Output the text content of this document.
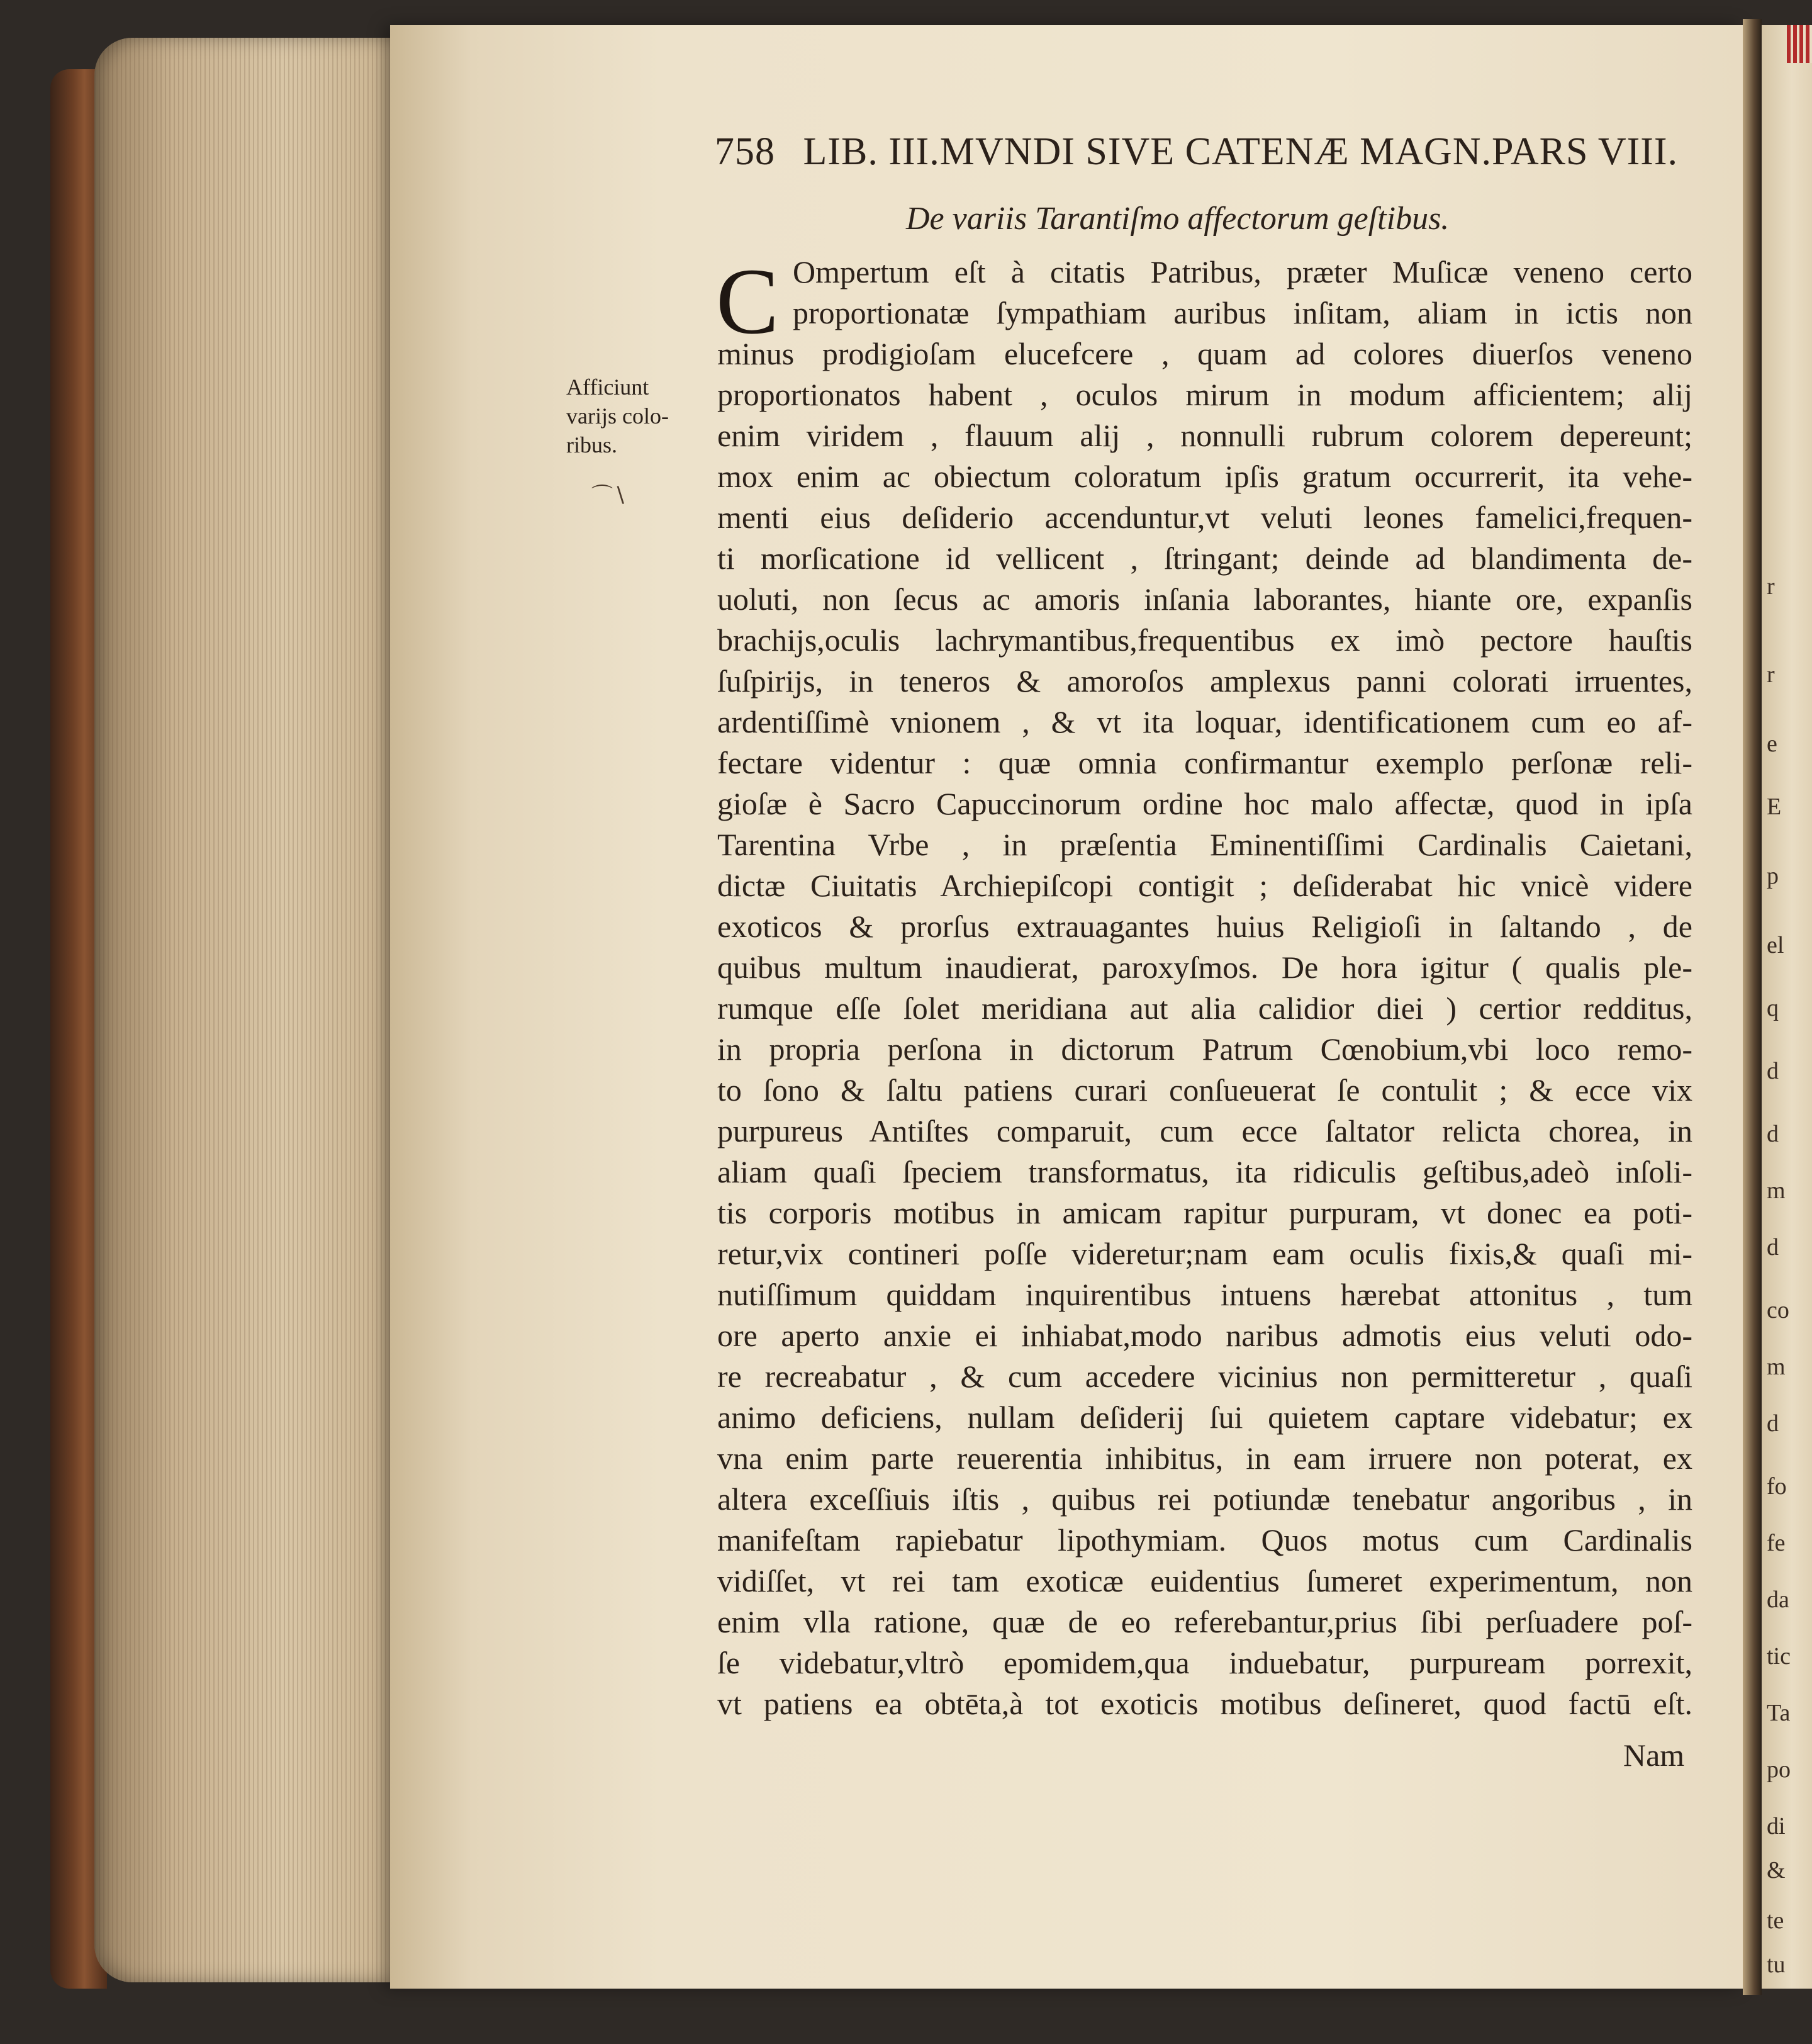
r
r
e
E
p
el
q
d
d
m
d
co
m
d
fo
fe
da
tic
Ta
po
di
&
te
tu
758 LIB. III.MVNDI SIVE CATENÆ MAGN.PARS VIII.
De variis Tarantiſmo affectorum geſtibus.
Afficiunt
varijs colo-
ribus.
C Ompertum eſt à citatis Patribus, præter Muſicæ veneno certo
proportionatæ ſympathiam auribus inſitam, aliam in ictis non
minus prodigioſam elucefcere , quam ad colores diuerſos veneno
proportionatos habent , oculos mirum in modum afficientem; alij
enim viridem , flauum alij , nonnulli rubrum colorem depereunt;
mox enim ac obiectum coloratum ipſis gratum occurrerit, ita vehe-
menti eius deſiderio accenduntur,vt veluti leones famelici,frequen-
ti morſicatione id vellicent , ſtringant; deinde ad blandimenta de-
uoluti, non ſecus ac amoris inſania laborantes, hiante ore, expanſis
brachijs,oculis lachrymantibus,frequentibus ex imò pectore hauſtis
ſuſpirijs, in teneros & amoroſos amplexus panni colorati irruentes,
ardentiſſimè vnionem , & vt ita loquar, identificationem cum eo af-
fectare videntur : quæ omnia confirmantur exemplo perſonæ reli-
gioſæ è Sacro Capuccinorum ordine hoc malo affectæ, quod in ipſa
Tarentina Vrbe , in præſentia Eminentiſſimi Cardinalis Caietani,
dictæ Ciuitatis Archiepiſcopi contigit ; deſiderabat hic vnicè videre
exoticos & prorſus extrauagantes huius Religioſi in ſaltando , de
quibus multum inaudierat, paroxyſmos. De hora igitur ( qualis ple-
rumque eſſe ſolet meridiana aut alia calidior diei ) certior redditus,
in propria perſona in dictorum Patrum Cœnobium,vbi loco remo-
to ſono & ſaltu patiens curari conſueuerat ſe contulit ; & ecce vix
purpureus Antiſtes comparuit, cum ecce ſaltator relicta chorea, in
aliam quaſi ſpeciem transformatus, ita ridiculis geſtibus,adeò inſoli-
tis corporis motibus in amicam rapitur purpuram, vt donec ea poti-
retur,vix contineri poſſe videretur;nam eam oculis fixis,& quaſi mi-
nutiſſimum quiddam inquirentibus intuens hærebat attonitus , tum
ore aperto anxie ei inhiabat,modo naribus admotis eius veluti odo-
re recreabatur , & cum accedere vicinius non permitteretur , quaſi
animo deficiens, nullam deſiderij ſui quietem captare videbatur; ex
vna enim parte reuerentia inhibitus, in eam irruere non poterat, ex
altera exceſſiuis iſtis , quibus rei potiundæ tenebatur angoribus , in
manifeſtam rapiebatur lipothymiam. Quos motus cum Cardinalis
vidiſſet, vt rei tam exoticæ euidentius ſumeret experimentum, non
enim vlla ratione, quæ de eo referebantur,prius ſibi perſuadere poſ-
ſe videbatur,vltrò epomidem,qua induebatur, purpuream porrexit,
vt patiens ea obtēta,à tot exoticis motibus deſineret, quod factū eſt.
Nam
